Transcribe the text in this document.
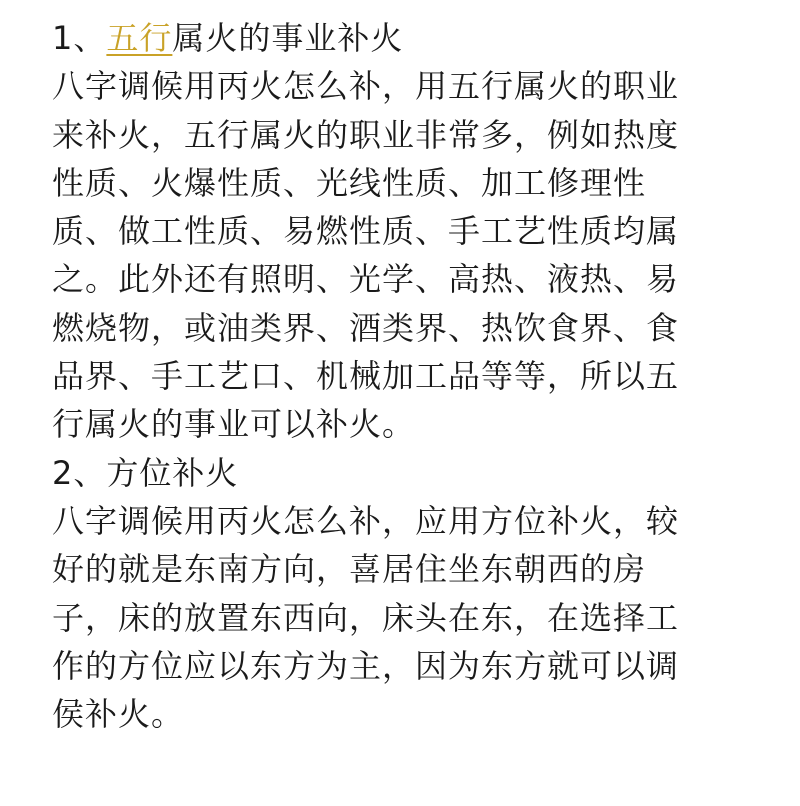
1、五行属火的事业补火
八字调候用丙火怎么补，用五行属火的职业
来补火，五行属火的职业非常多，例如热度
性质、火爆性质、光线性质、加工修理性
质、做工性质、易燃性质、手工艺性质均属
之。此外还有照明、光学、高热、液热、易
燃烧物，或油类界、酒类界、热饮食界、食
品界、手工艺口、机械加工品等等，所以五
行属火的事业可以补火。
2、方位补火
八字调候用丙火怎么补，应用方位补火，较
好的就是东南方向，喜居住坐东朝西的房
子，床的放置东西向，床头在东，在选择工
作的方位应以东方为主，因为东方就可以调
侯补火。
